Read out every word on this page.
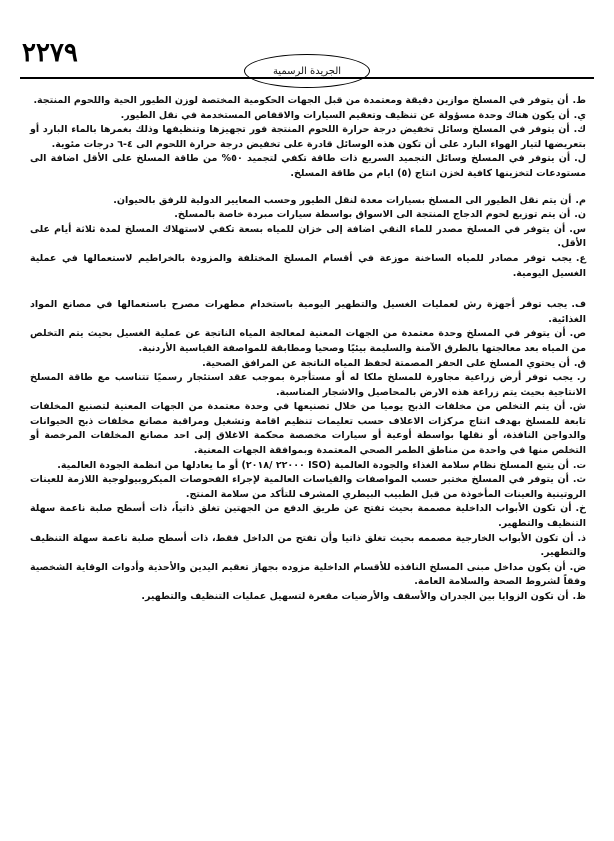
٢٢٧٩
الجريدة الرسمية

ط.أن يتوفر في المسلخ موازين دقيقة ومعتمدة من قبل الجهات الحكومية المختصة لوزن الطيور الحية واللحوم المنتجة.

ي.أن يكون هناك وحدة مسؤولة عن تنظيف وتعقيم السيارات والاقفاص المستخدمة في نقل الطيور.

ك.أن يتوفر في المسلخ وسائل تخفيض درجة حرارة اللحوم المنتجة فور تجهيزها وتنظيفها وذلك بغمرها بالماء البارد أو بتعريضها لتيار الهواء البارد على أن تكون هذه الوسائل قادرة على تخفيض درجة حرارة اللحوم الى ٤-٦ درجات مئوية.

ل.أن يتوفر في المسلخ وسائل التجميد السريع ذات طاقة تكفي لتجميد ٥٠% من طاقة المسلخ على الأقل اضافة الى مستودعات لتخزينها كافية لخزن انتاج (٥) ايام من طاقة المسلخ.

م.أن يتم نقل الطيور الى المسلخ بسيارات معدة لنقل الطيور وحسب المعايير الدولية للرفق بالحيوان.

ن.أن يتم توزيع لحوم الدجاج المنتجة الى الاسواق بواسطة سيارات مبردة خاصة بالمسلخ.

س.أن يتوفر في المسلخ مصدر للماء النقي اضافة إلى خزان للمياه بسعة تكفي لاستهلاك المسلخ لمدة ثلاثة أيام على الأقل.

ع.يجب توفر مصادر للمياه الساخنة موزعة في أقسام المسلخ المختلفة والمزودة بالخراطيم لاستعمالها في عملية الغسيل اليومية.

ف.يجب توفر أجهزة رش لعمليات الغسيل والتطهير اليومية باستخدام مطهرات مصرح باستعمالها في مصانع المواد الغذائية.

ص.أن يتوفر في المسلخ وحدة معتمدة من الجهات المعنية لمعالجة المياه الناتجة عن عملية الغسيل بحيث يتم التخلص من المياه بعد معالجتها بالطرق الآمنة والسليمة بيئيًا وصحيا ومطابقة للمواصفة القياسية الأردنية.

ق.أن يحتوي المسلخ على الحفر المصمتة لحفظ المياه الناتجة عن المرافق الصحية.

ر.يجب توفر أرض زراعية مجاورة للمسلخ ملكا له أو مستأجرة بموجب عقد استئجار رسميًا تتناسب مع طاقة المسلخ الانتاجية بحيث يتم زراعة هذه الارض بالمحاصيل والاشجار المناسبة.

ش.أن يتم التخلص من مخلفات الذبح يوميا من خلال تصنيعها في وحدة معتمدة من الجهات المعنية لتصنيع المخلفات تابعة للمسلخ بهدف انتاج مركزات الاعلاف حسب تعليمات تنظيم اقامة وتشغيل ومراقبة مصانع مخلفات ذبح الحيوانات والدواجن النافذة، أو نقلها بواسطة أوعية أو سيارات مخصصة محكمة الاغلاق إلى احد مصانع المخلفات المرخصة أو التخلص منها في واحدة من مناطق الطمر الصحي المعتمدة وبموافقة الجهات المعنية.

ت.أن يتبع المسلخ نظام سلامة الغذاء والجودة العالمية (ISO ٢٢٠٠٠ /٢٠١٨) أو ما يعادلها من انظمة الجودة العالمية.

ث.أن يتوفر في المسلخ مختبر حسب المواصفات والقياسات العالمية لإجراء الفحوصات الميكروبيولوجية اللازمة للعينات الروتينية والعينات المأخوذة من قبل الطبيب البيطري المشرف للتأكد من سلامة المنتج.

خ.أن تكون الأبواب الداخلية مصممة بحيث تفتح عن طريق الدفع من الجهتين تغلق ذاتياً، ذات أسطح صلبة ناعمة سهلة التنظيف والتطهير.

ذ.أن تكون الأبواب الخارجية مصممه بحيث تغلق ذاتيا وأن تفتح من الداخل فقط، ذات أسطح صلبة ناعمة سهلة التنظيف والتطهير.

ض.أن يكون مداخل مبنى المسلخ النافذه للأقسام الداخلية مزوده بجهاز تعقيم اليدين والأحذية وأدوات الوقاية الشخصية وفقاً لشروط الصحة والسلامة العامة.

ظ.أن تكون الزوايا بين الجدران والأسقف والأرضيات مقعرة لتسهيل عمليات التنظيف والتطهير.
